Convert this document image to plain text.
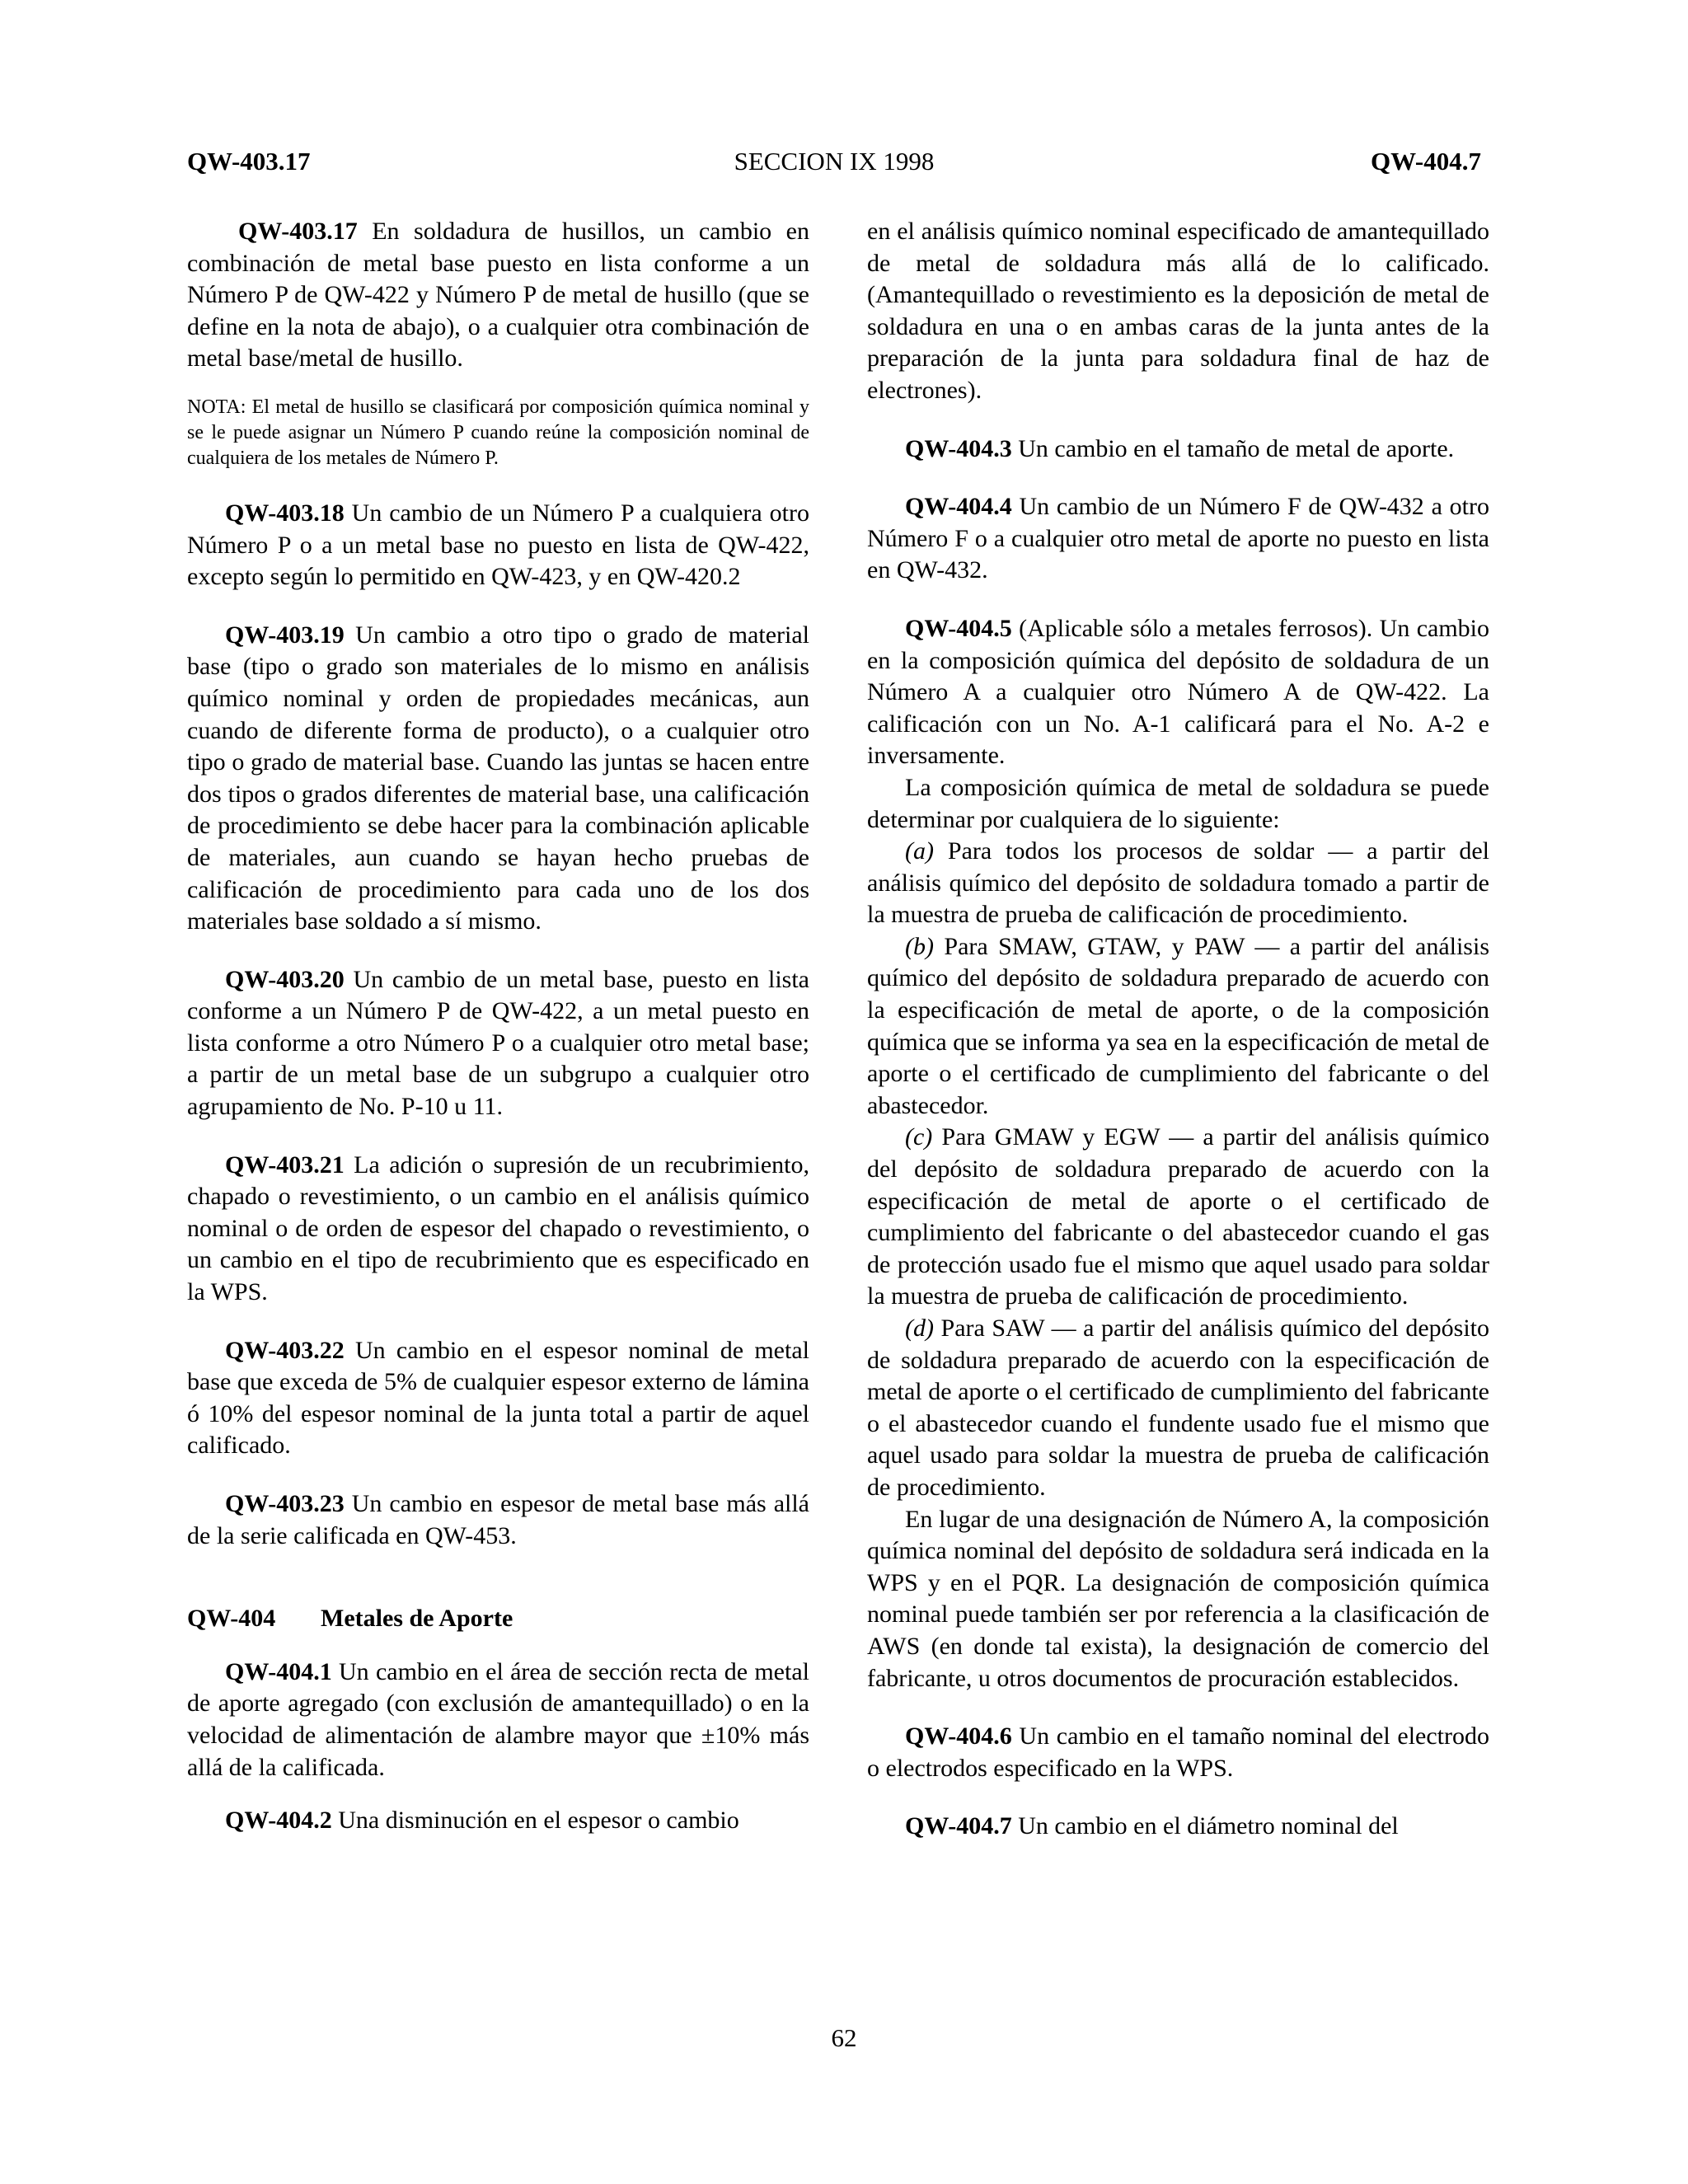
QW-403.17	SECCION IX 1998	QW-404.7

QW-403.17 En soldadura de husillos, un cambio en combinación de metal base puesto en lista conforme a un Número P de QW-422 y Número P de metal de husillo (que se define en la nota de abajo), o a cualquier otra combinación de metal base/metal de husillo.

NOTA: El metal de husillo se clasificará por composición química nominal y se le puede asignar un Número P cuando reúne la composición nominal de cualquiera de los metales de Número P.

QW-403.18 Un cambio de un Número P a cualquiera otro Número P o a un metal base no puesto en lista de QW-422, excepto según lo permitido en QW-423, y en QW-420.2

QW-403.19 Un cambio a otro tipo o grado de material base (tipo o grado son materiales de lo mismo en análisis químico nominal y orden de propiedades mecánicas, aun cuando de diferente forma de producto), o a cualquier otro tipo o grado de material base. Cuando las juntas se hacen entre dos tipos o grados diferentes de material base, una calificación de procedimiento se debe hacer para la combinación aplicable de materiales, aun cuando se hayan hecho pruebas de calificación de procedimiento para cada uno de los dos materiales base soldado a sí mismo.

QW-403.20 Un cambio de un metal base, puesto en lista conforme a un Número P de QW-422, a un metal puesto en lista conforme a otro Número P o a cualquier otro metal base; a partir de un metal base de un subgrupo a cualquier otro agrupamiento de No. P-10 u 11.

QW-403.21 La adición o supresión de un recubrimiento, chapado o revestimiento, o un cambio en el análisis químico nominal o de orden de espesor del chapado o revestimiento, o un cambio en el tipo de recubrimiento que es especificado en la WPS.

QW-403.22 Un cambio en el espesor nominal de metal base que exceda de 5% de cualquier espesor externo de lámina ó 10% del espesor nominal de la junta total a partir de aquel calificado.

QW-403.23 Un cambio en espesor de metal base más allá de la serie calificada en QW-453.

QW-404 Metales de Aporte

QW-404.1 Un cambio en el área de sección recta de metal de aporte agregado (con exclusión de amantequillado) o en la velocidad de alimentación de alambre mayor que ±10% más allá de la calificada.

QW-404.2 Una disminución en el espesor o cambio

en el análisis químico nominal especificado de amantequillado de metal de soldadura más allá de lo calificado. (Amantequillado o revestimiento es la deposición de metal de soldadura en una o en ambas caras de la junta antes de la preparación de la junta para soldadura final de haz de electrones).

QW-404.3 Un cambio en el tamaño de metal de aporte.

QW-404.4 Un cambio de un Número F de QW-432 a otro Número F o a cualquier otro metal de aporte no puesto en lista en QW-432.

QW-404.5 (Aplicable sólo a metales ferrosos). Un cambio en la composición química del depósito de soldadura de un Número A a cualquier otro Número A de QW-422. La calificación con un No. A-1 calificará para el No. A-2 e inversamente.

La composición química de metal de soldadura se puede determinar por cualquiera de lo siguiente:

(a) Para todos los procesos de soldar — a partir del análisis químico del depósito de soldadura tomado a partir de la muestra de prueba de calificación de procedimiento.

(b) Para SMAW, GTAW, y PAW — a partir del análisis químico del depósito de soldadura preparado de acuerdo con la especificación de metal de aporte, o de la composición química que se informa ya sea en la especificación de metal de aporte o el certificado de cumplimiento del fabricante o del abastecedor.

(c) Para GMAW y EGW — a partir del análisis químico del depósito de soldadura preparado de acuerdo con la especificación de metal de aporte o el certificado de cumplimiento del fabricante o del abastecedor cuando el gas de protección usado fue el mismo que aquel usado para soldar la muestra de prueba de calificación de procedimiento.

(d) Para SAW — a partir del análisis químico del depósito de soldadura preparado de acuerdo con la especificación de metal de aporte o el certificado de cumplimiento del fabricante o el abastecedor cuando el fundente usado fue el mismo que aquel usado para soldar la muestra de prueba de calificación de procedimiento.

En lugar de una designación de Número A, la composición química nominal del depósito de soldadura será indicada en la WPS y en el PQR. La designación de composición química nominal puede también ser por referencia a la clasificación de AWS (en donde tal exista), la designación de comercio del fabricante, u otros documentos de procuración establecidos.

QW-404.6 Un cambio en el tamaño nominal del electrodo o electrodos especificado en la WPS.

QW-404.7 Un cambio en el diámetro nominal del

62
